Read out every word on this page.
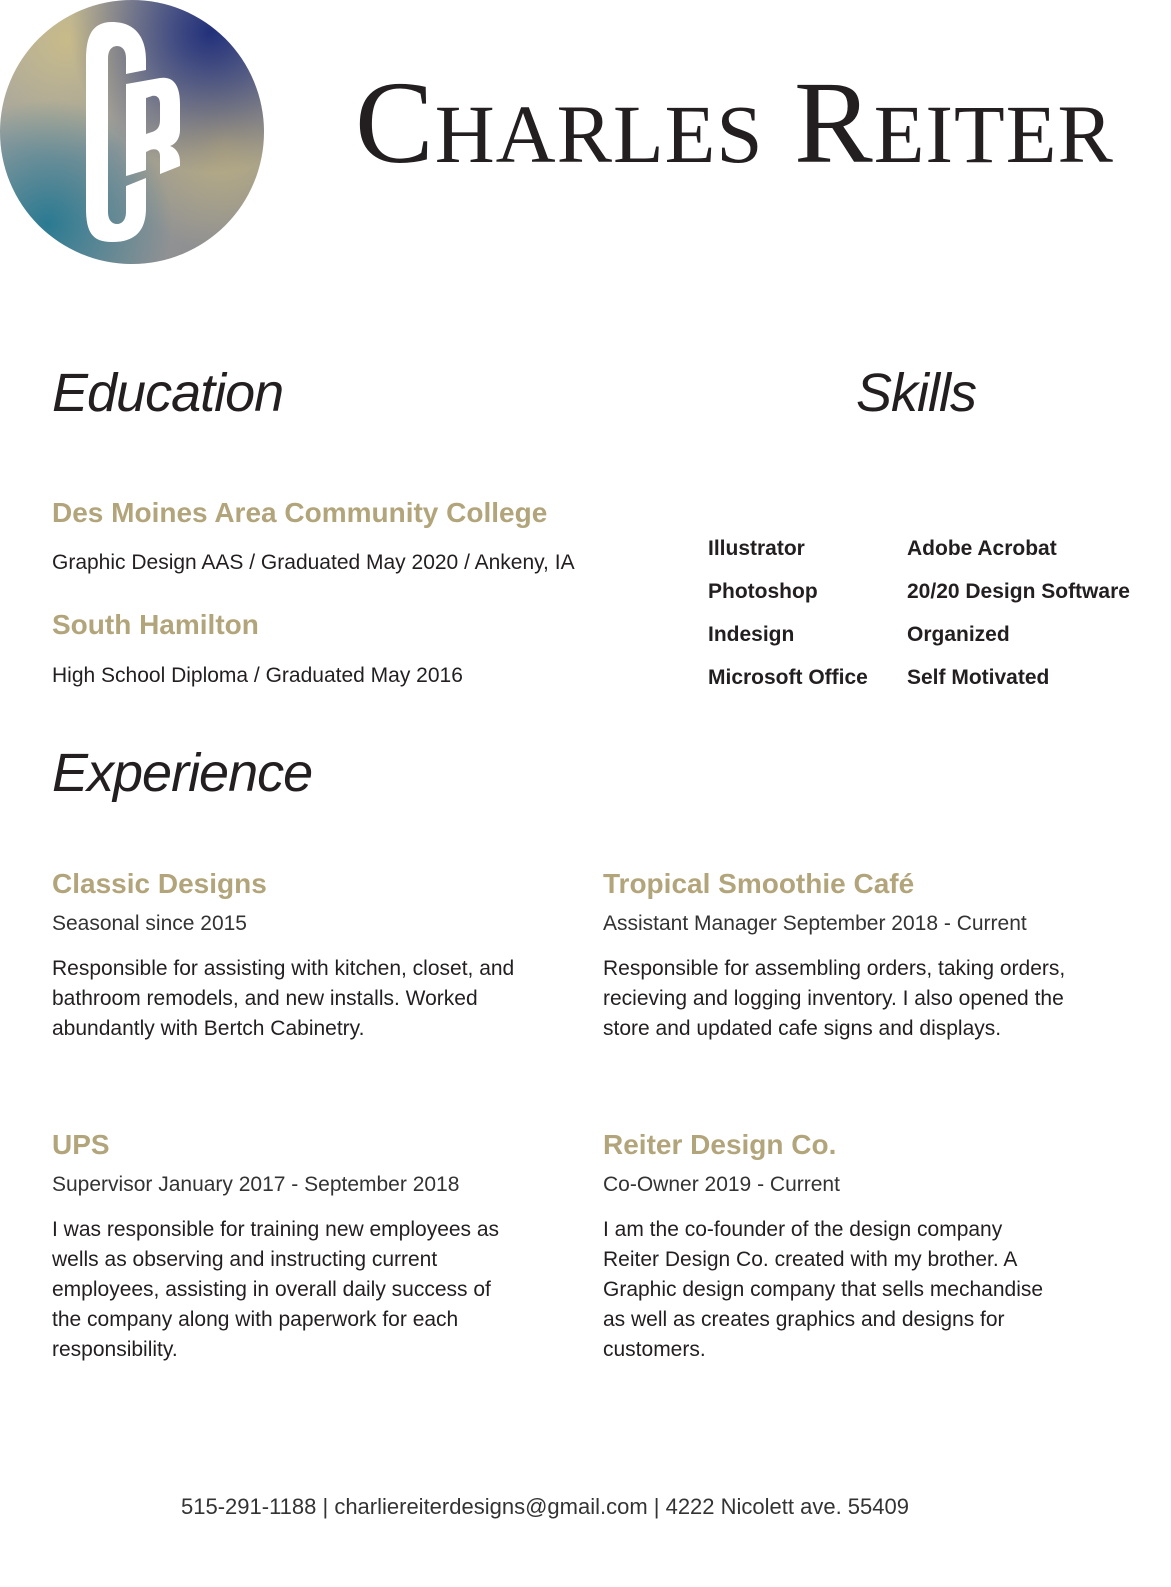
Charles Reiter
Education
Des Moines Area Community College
Graphic Design AAS / Graduated May 2020 / Ankeny, IA
South Hamilton
High School Diploma / Graduated May 2016
Skills
Illustrator
Photoshop
Indesign
Microsoft Office
Adobe Acrobat
20/20 Design Software
Organized
Self Motivated
Experience
Classic Designs
Seasonal since 2015

Responsible for assisting with kitchen, closet, and

bathroom remodels, and new installs. Worked

abundantly with Bertch Cabinetry.

Tropical Smoothie Café
Assistant Manager September 2018 - Current

Responsible for assembling orders, taking orders,

recieving and logging inventory. I also opened the

store and updated cafe signs and displays.

UPS
Supervisor January 2017 - September 2018

I was responsible for training new employees as

wells as observing and instructing current

employees, assisting in overall daily success of

the company along with paperwork for each

responsibility.

Reiter Design Co.
Co-Owner 2019 - Current

I am the co-founder of the design company

Reiter Design Co. created with my brother. A

Graphic design company that sells mechandise

as well as creates graphics and designs for

customers.

515-291-1188 | charliereiterdesigns@gmail.com | 4222 Nicolett ave. 55409
